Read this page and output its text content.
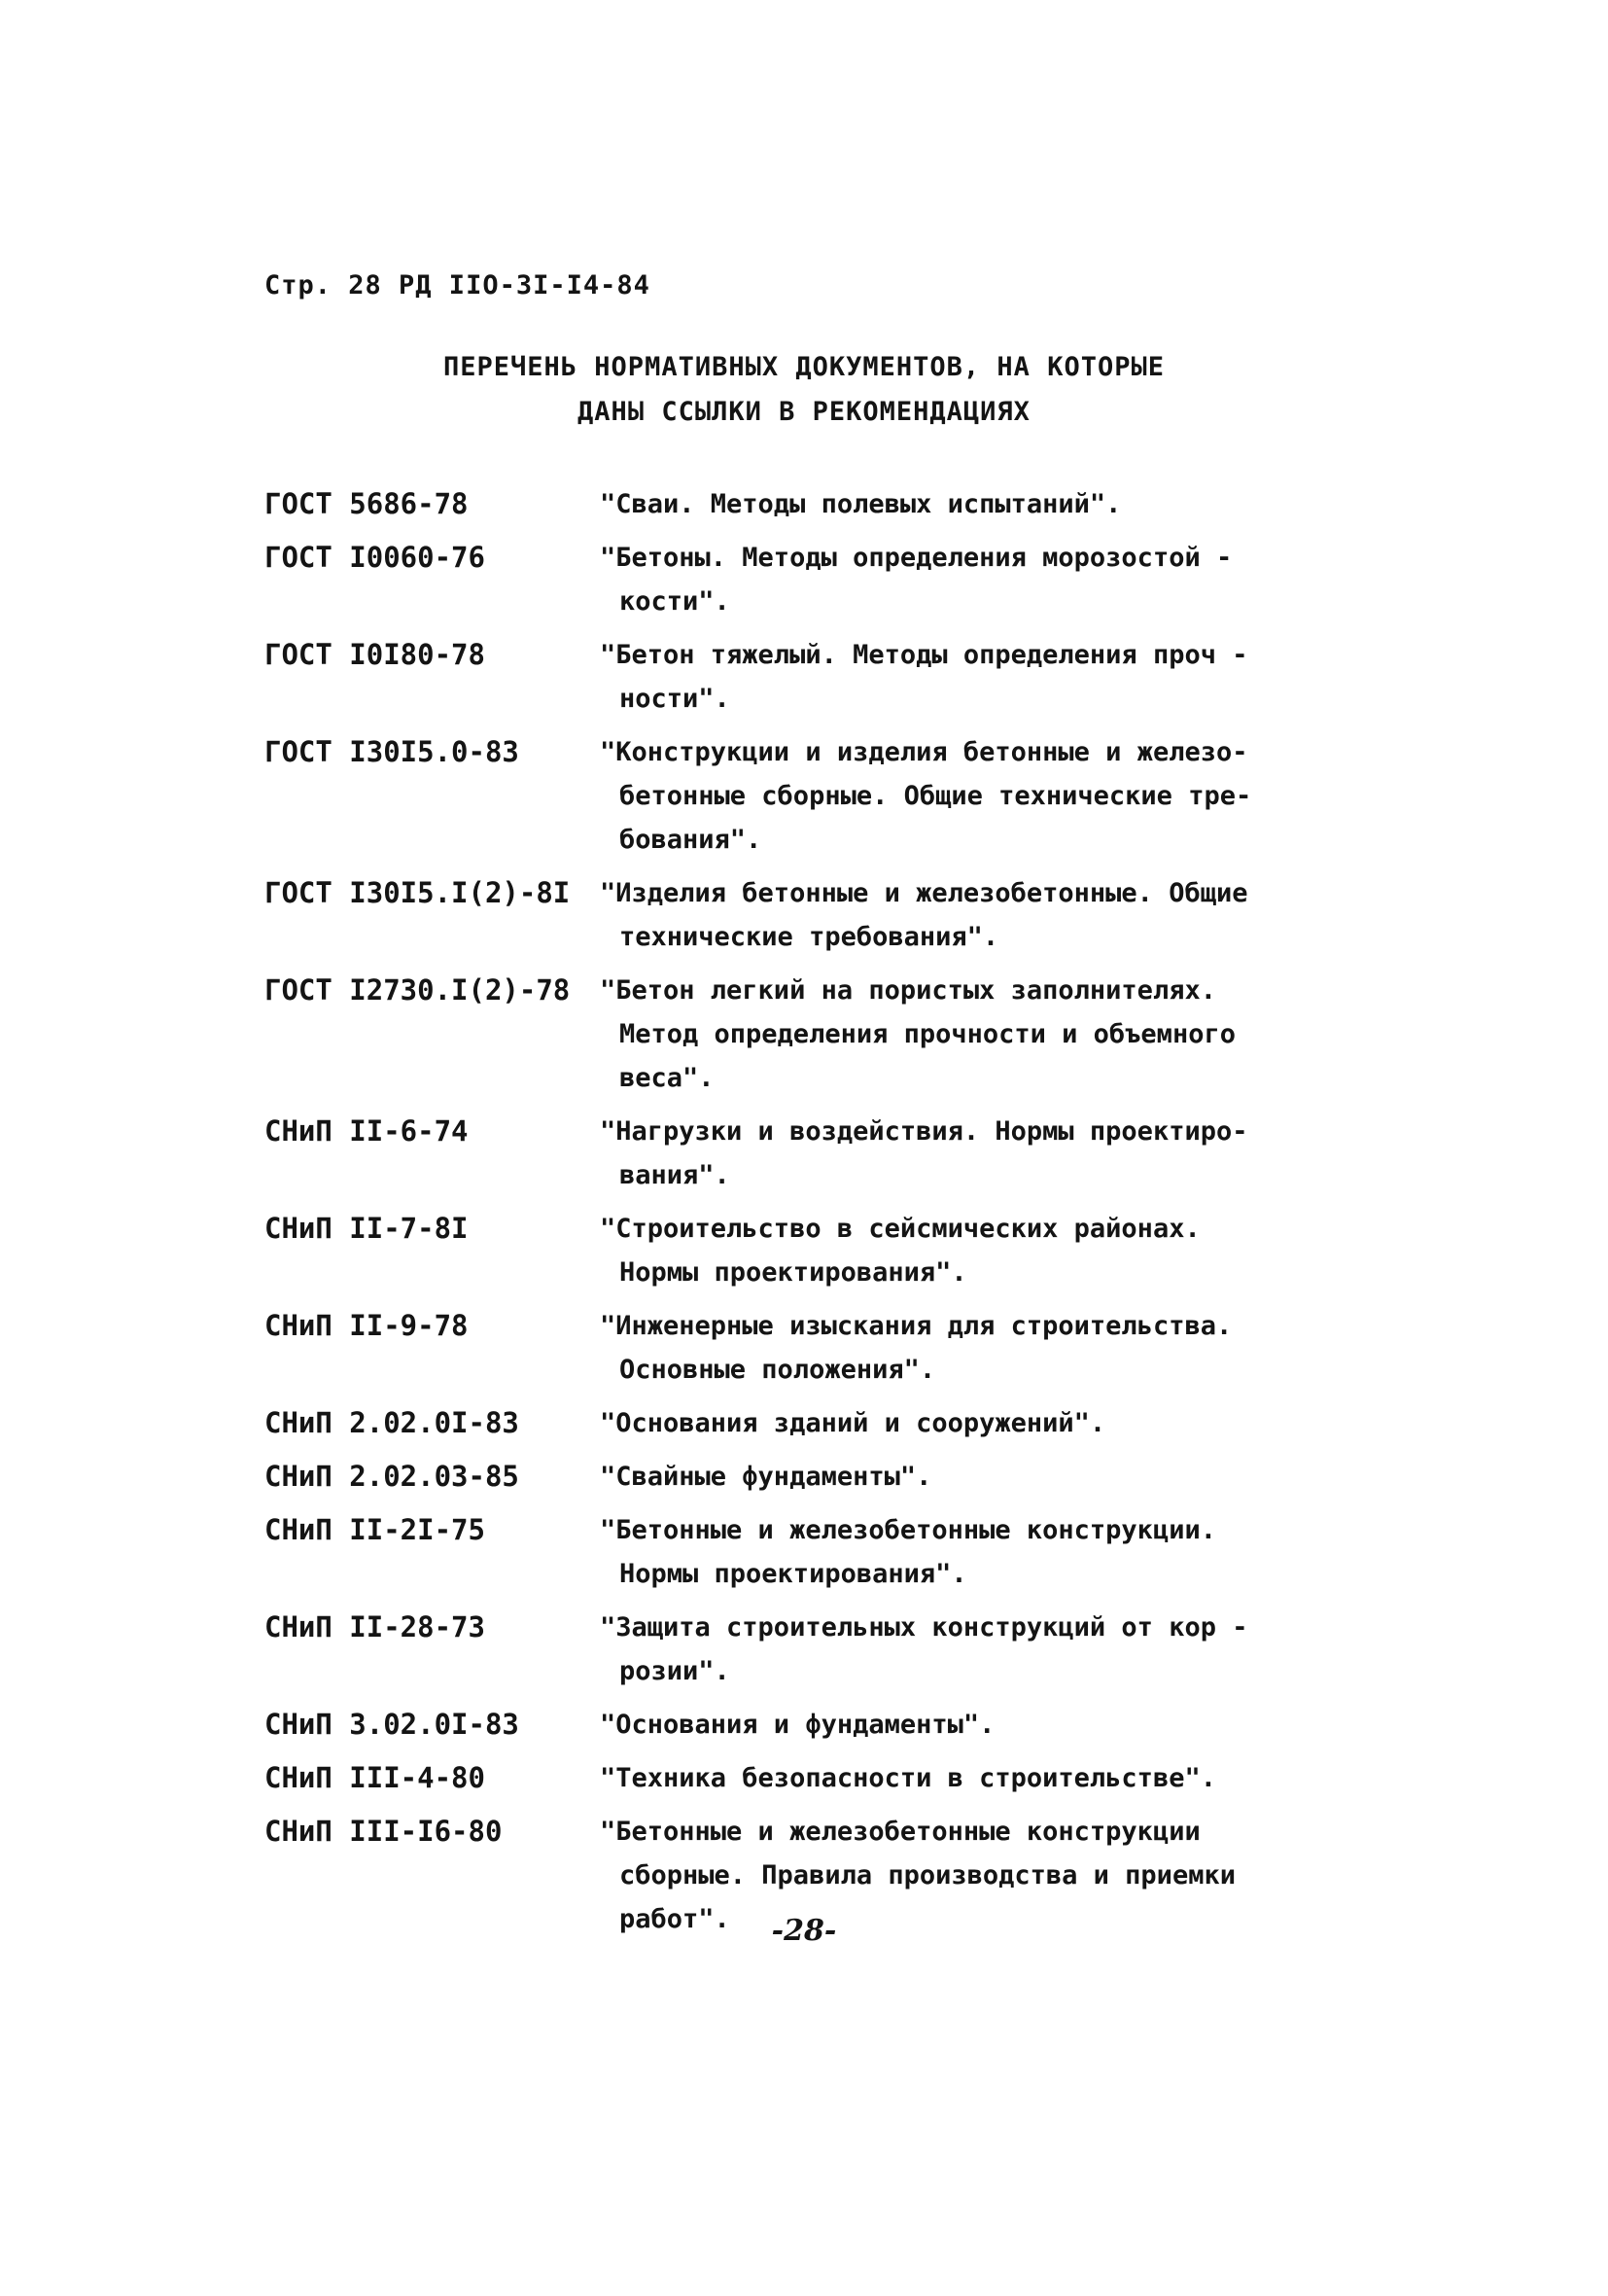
Стр. 28 РД IIО-3I-I4-84
ПЕРЕЧЕНЬ НОРМАТИВНЫХ ДОКУМЕНТОВ, НА КОТОРЫЕ
ДАНЫ ССЫЛКИ В РЕКОМЕНДАЦИЯХ
ГОСТ 5686-78	"Сваи. Методы полевых испытаний".
ГОСТ I0060-76	"Бетоны. Методы определения морозостой -
кости".
ГОСТ I0I80-78	"Бетон тяжелый. Методы определения проч -
ности".
ГОСТ I30I5.0-83	"Конструкции и изделия бетонные и железо-
бетонные сборные. Общие технические тре-
бования".
ГОСТ I30I5.I(2)-8I	"Изделия бетонные и железобетонные. Общие
технические требования".
ГОСТ I2730.I(2)-78	"Бетон легкий на пористых заполнителях.
Метод определения прочности и объемного
веса".
СНиП II-6-74	"Нагрузки и воздействия. Нормы проектиро-
вания".
СНиП II-7-8I	"Строительство в сейсмических районах.
Нормы проектирования".
СНиП II-9-78	"Инженерные изыскания для строительства.
Основные положения".
СНиП 2.02.0I-83	"Основания зданий и сооружений".
СНиП 2.02.03-85	"Свайные фундаменты".
СНиП II-2I-75	"Бетонные и железобетонные конструкции.
Нормы проектирования".
СНиП II-28-73	"Защита строительных конструкций от кор -
розии".
СНиП 3.02.0I-83	"Основания и фундаменты".
СНиП III-4-80	"Техника безопасности в строительстве".
СНиП III-I6-80	"Бетонные и железобетонные конструкции
сборные. Правила производства и приемки
работ".	-28-
